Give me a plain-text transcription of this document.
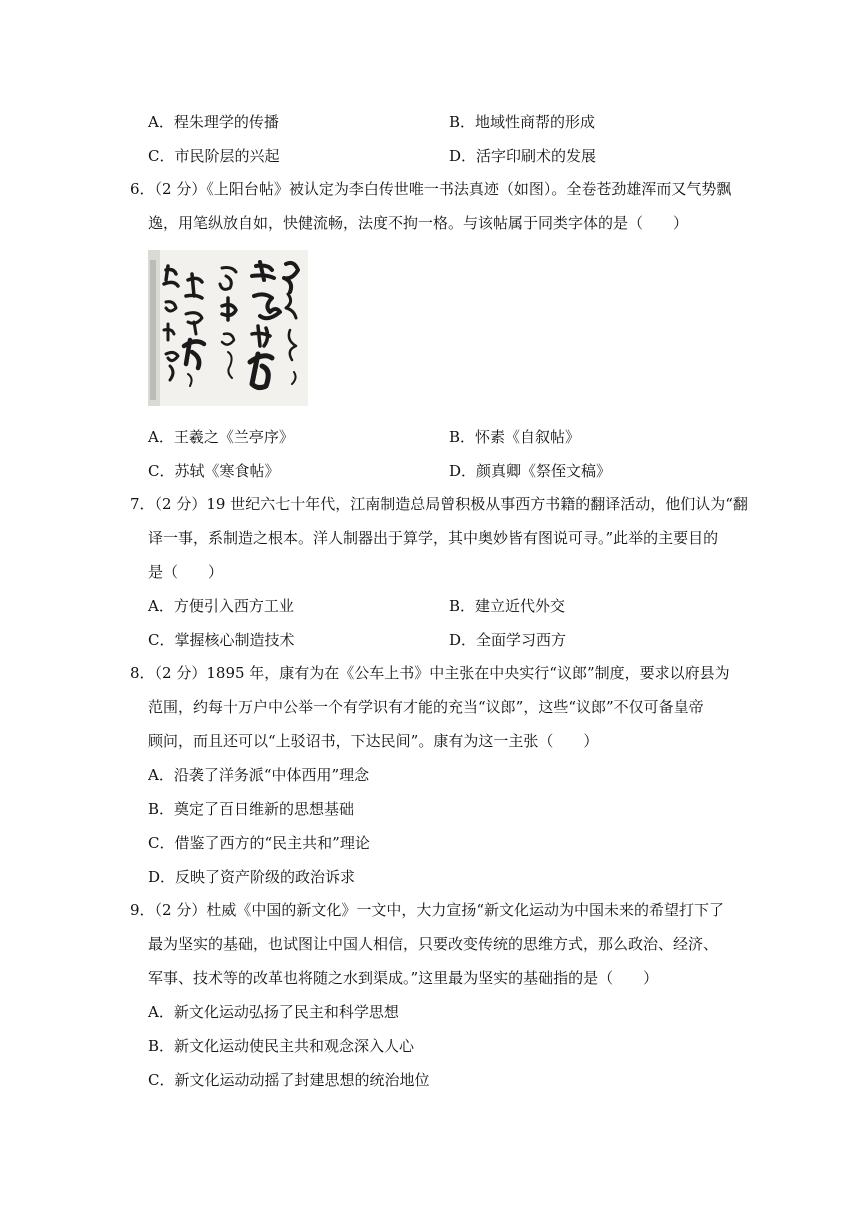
A．程朱理学的传播	B．地域性商帮的形成
C．市民阶层的兴起	D．活字印刷术的发展
6．（2 分）《上阳台帖》被认定为李白传世唯一书法真迹（如图）。全卷苍劲雄浑而又气势飘
逸，用笔纵放自如，快健流畅，法度不拘一格。与该帖属于同类字体的是（　　）
A．王羲之《兰亭序》	B．怀素《自叙帖》
C．苏轼《寒食帖》	D．颜真卿《祭侄文稿》
7．（2 分）19 世纪六七十年代，江南制造总局曾积极从事西方书籍的翻译活动，他们认为“翻
译一事，系制造之根本。洋人制器出于算学，其中奥妙皆有图说可寻。”此举的主要目的
是（　　）
A．方便引入西方工业	B．建立近代外交
C．掌握核心制造技术	D．全面学习西方
8．（2 分）1895 年，康有为在《公车上书》中主张在中央实行“议郎”制度，要求以府县为
范围，约每十万户中公举一个有学识有才能的充当“议郎”，这些“议郎”不仅可备皇帝
顾问，而且还可以“上驳诏书，下达民间”。康有为这一主张（　　）
A．沿袭了洋务派“中体西用”理念
B．奠定了百日维新的思想基础
C．借鉴了西方的“民主共和”理论
D．反映了资产阶级的政治诉求
9．（2 分）杜威《中国的新文化》一文中，大力宣扬“新文化运动为中国未来的希望打下了
最为坚实的基础，也试图让中国人相信，只要改变传统的思维方式，那么政治、经济、
军事、技术等的改革也将随之水到渠成。”这里最为坚实的基础指的是（　　）
A．新文化运动弘扬了民主和科学思想
B．新文化运动使民主共和观念深入人心
C．新文化运动动摇了封建思想的统治地位
